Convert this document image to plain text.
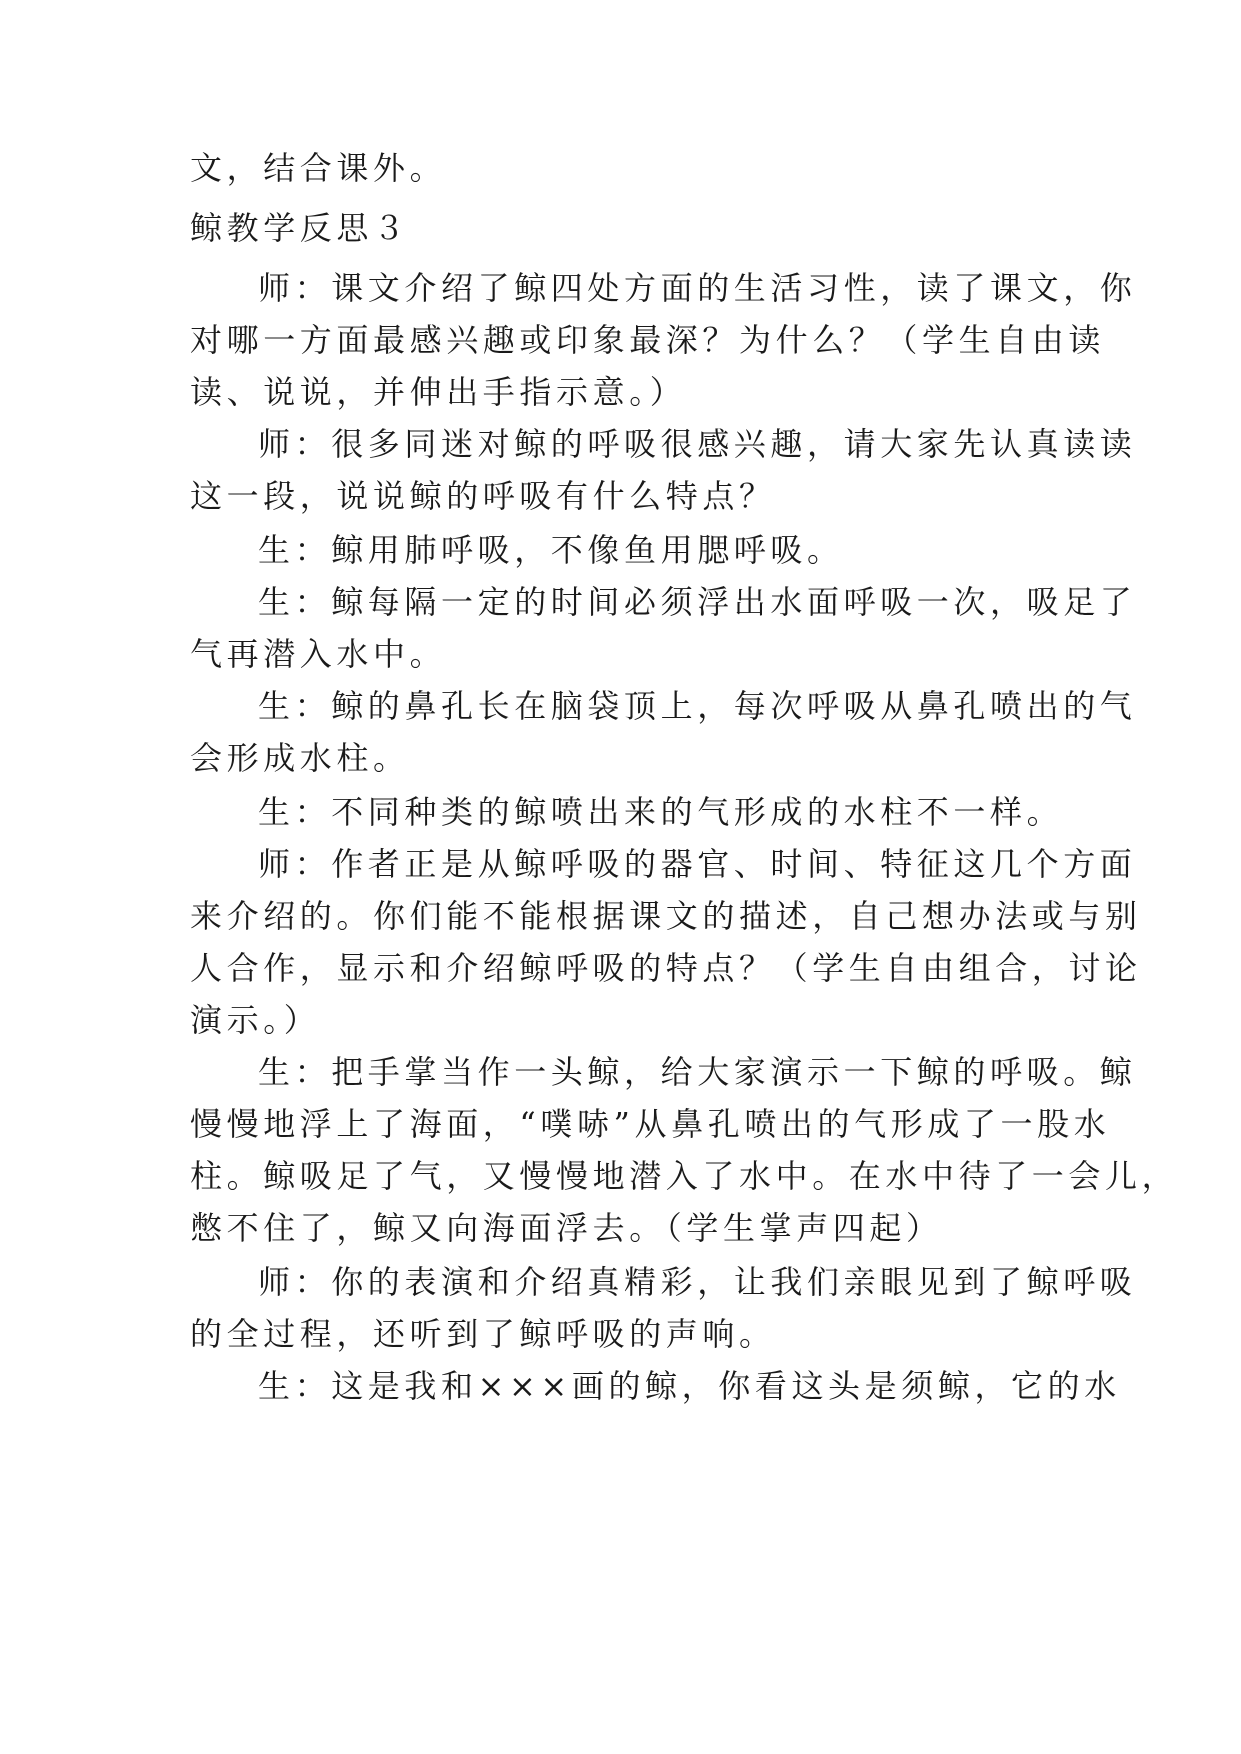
文，结合课外。
鲸教学反思３
师：课文介绍了鲸四处方面的生活习性，读了课文，你
对哪一方面最感兴趣或印象最深？为什么？（学生自由读
读、说说，并伸出手指示意。）
师：很多同迷对鲸的呼吸很感兴趣，请大家先认真读读
这一段，说说鲸的呼吸有什么特点？
生：鲸用肺呼吸，不像鱼用腮呼吸。
生：鲸每隔一定的时间必须浮出水面呼吸一次，吸足了
气再潜入水中。
生：鲸的鼻孔长在脑袋顶上，每次呼吸从鼻孔喷出的气
会形成水柱。
生：不同种类的鲸喷出来的气形成的水柱不一样。
师：作者正是从鲸呼吸的器官、时间、特征这几个方面
来介绍的。你们能不能根据课文的描述，自己想办法或与别
人合作，显示和介绍鲸呼吸的特点？（学生自由组合，讨论
演示。）
生：把手掌当作一头鲸，给大家演示一下鲸的呼吸。鲸
慢慢地浮上了海面，“噗哧”从鼻孔喷出的气形成了一股水
柱。鲸吸足了气，又慢慢地潜入了水中。在水中待了一会儿，
憋不住了，鲸又向海面浮去。（学生掌声四起）
师：你的表演和介绍真精彩，让我们亲眼见到了鲸呼吸
的全过程，还听到了鲸呼吸的声响。
生：这是我和×××画的鲸，你看这头是须鲸，它的水
